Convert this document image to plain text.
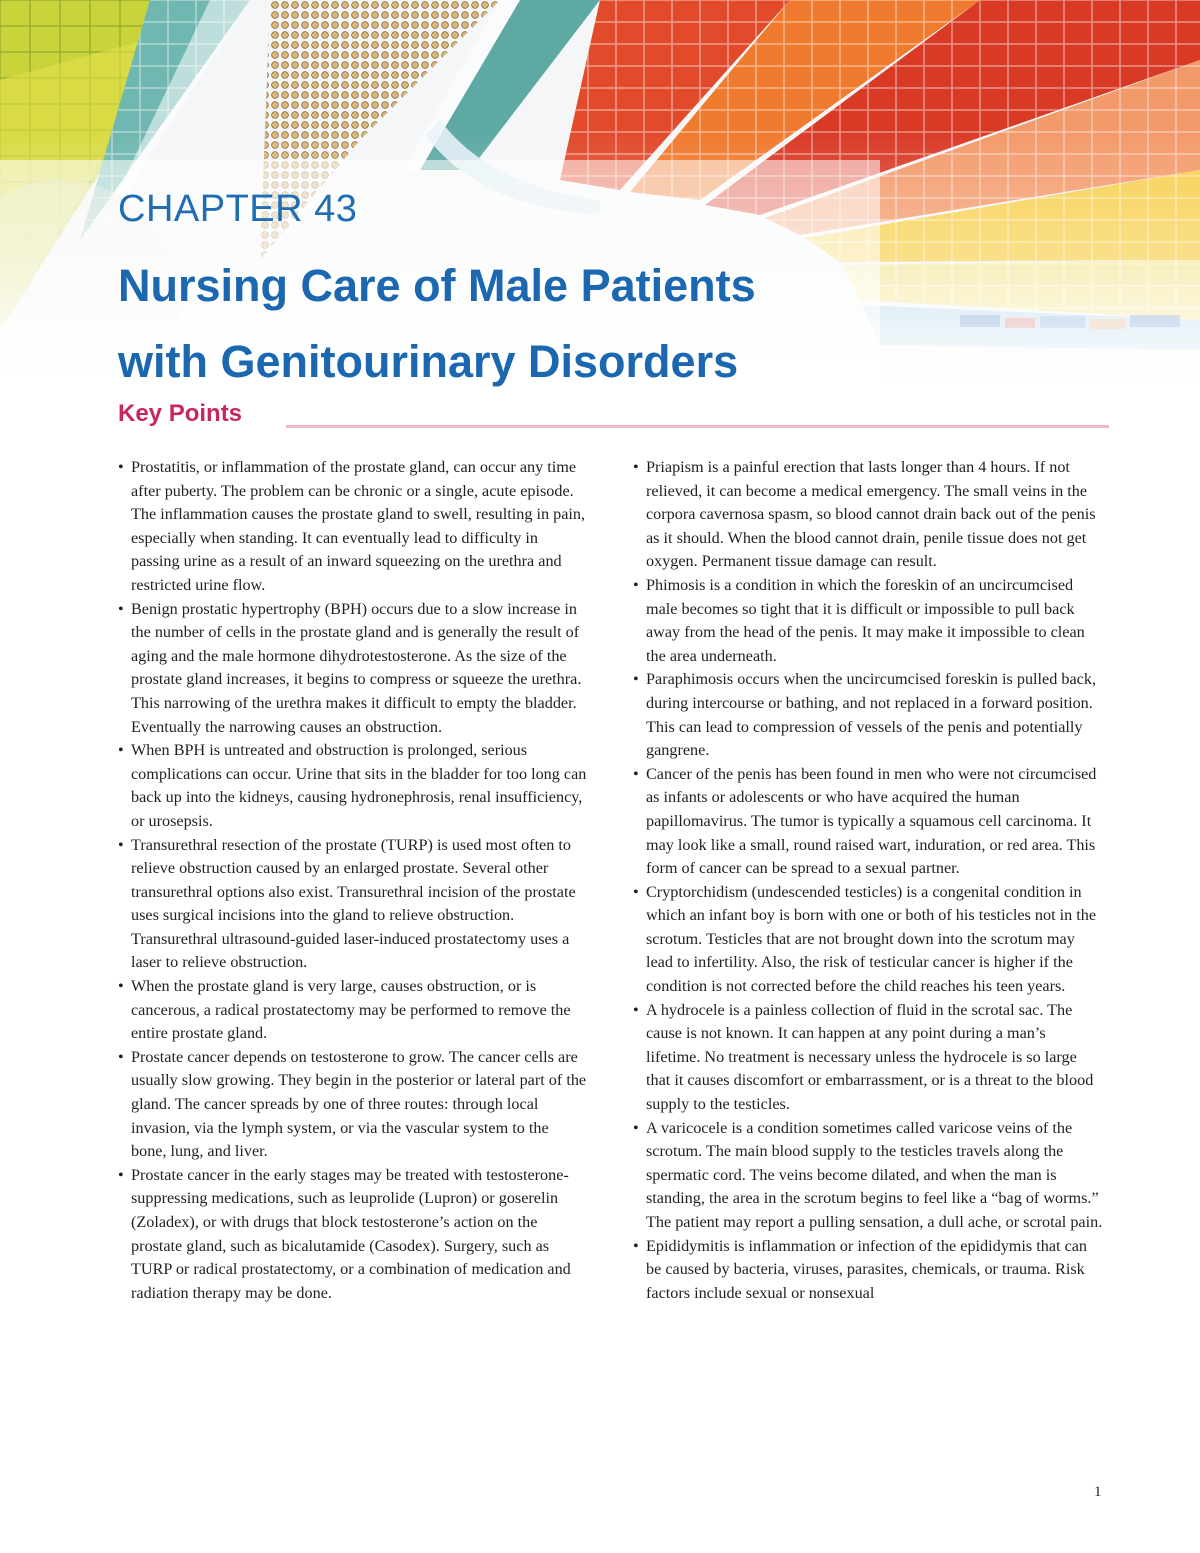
CHAPTER 43
Nursing Care of Male Patients
with Genitourinary Disorders
Key Points
• Prostatitis, or inflammation of the prostate gland, can occur any time after puberty. The problem can be chronic or a single, acute episode. The inflammation causes the prostate gland to swell, resulting in pain, especially when standing. It can eventually lead to difficulty in passing urine as a result of an inward squeezing on the urethra and restricted urine flow.
• Benign prostatic hypertrophy (BPH) occurs due to a slow increase in the number of cells in the prostate gland and is generally the result of aging and the male hormone dihydrotestosterone. As the size of the prostate gland increases, it begins to compress or squeeze the urethra. This narrowing of the urethra makes it difficult to empty the bladder. Eventually the narrowing causes an obstruction.
• When BPH is untreated and obstruction is prolonged, serious complications can occur. Urine that sits in the bladder for too long can back up into the kidneys, causing hydronephrosis, renal insufficiency, or urosepsis.
• Transurethral resection of the prostate (TURP) is used most often to relieve obstruction caused by an enlarged prostate. Several other transurethral options also exist. Transurethral incision of the prostate uses surgical incisions into the gland to relieve obstruction. Transurethral ultrasound-guided laser-induced prostatectomy uses a laser to relieve obstruction.
• When the prostate gland is very large, causes obstruction, or is cancerous, a radical prostatectomy may be performed to remove the entire prostate gland.
• Prostate cancer depends on testosterone to grow. The cancer cells are usually slow growing. They begin in the posterior or lateral part of the gland. The cancer spreads by one of three routes: through local invasion, via the lymph system, or via the vascular system to the bone, lung, and liver.
• Prostate cancer in the early stages may be treated with testosterone-suppressing medications, such as leuprolide (Lupron) or goserelin (Zoladex), or with drugs that block testosterone’s action on the prostate gland, such as bicalutamide (Casodex). Surgery, such as TURP or radical prostatectomy, or a combination of medication and radiation therapy may be done.
• Priapism is a painful erection that lasts longer than 4 hours. If not relieved, it can become a medical emergency. The small veins in the corpora cavernosa spasm, so blood cannot drain back out of the penis as it should. When the blood cannot drain, penile tissue does not get oxygen. Permanent tissue damage can result.
• Phimosis is a condition in which the foreskin of an uncircumcised male becomes so tight that it is difficult or impossible to pull back away from the head of the penis. It may make it impossible to clean the area underneath.
• Paraphimosis occurs when the uncircumcised foreskin is pulled back, during intercourse or bathing, and not replaced in a forward position. This can lead to compression of vessels of the penis and potentially gangrene.
• Cancer of the penis has been found in men who were not circumcised as infants or adolescents or who have acquired the human papillomavirus. The tumor is typically a squamous cell carcinoma. It may look like a small, round raised wart, induration, or red area. This form of cancer can be spread to a sexual partner.
• Cryptorchidism (undescended testicles) is a congenital condition in which an infant boy is born with one or both of his testicles not in the scrotum. Testicles that are not brought down into the scrotum may lead to infertility. Also, the risk of testicular cancer is higher if the condition is not corrected before the child reaches his teen years.
• A hydrocele is a painless collection of fluid in the scrotal sac. The cause is not known. It can happen at any point during a man’s lifetime. No treatment is necessary unless the hydrocele is so large that it causes discomfort or embarrassment, or is a threat to the blood supply to the testicles.
• A varicocele is a condition sometimes called varicose veins of the scrotum. The main blood supply to the testicles travels along the spermatic cord. The veins become dilated, and when the man is standing, the area in the scrotum begins to feel like a “bag of worms.” The patient may report a pulling sensation, a dull ache, or scrotal pain.
• Epididymitis is inflammation or infection of the epididymis that can be caused by bacteria, viruses, parasites, chemicals, or trauma. Risk factors include sexual or nonsexual
1
